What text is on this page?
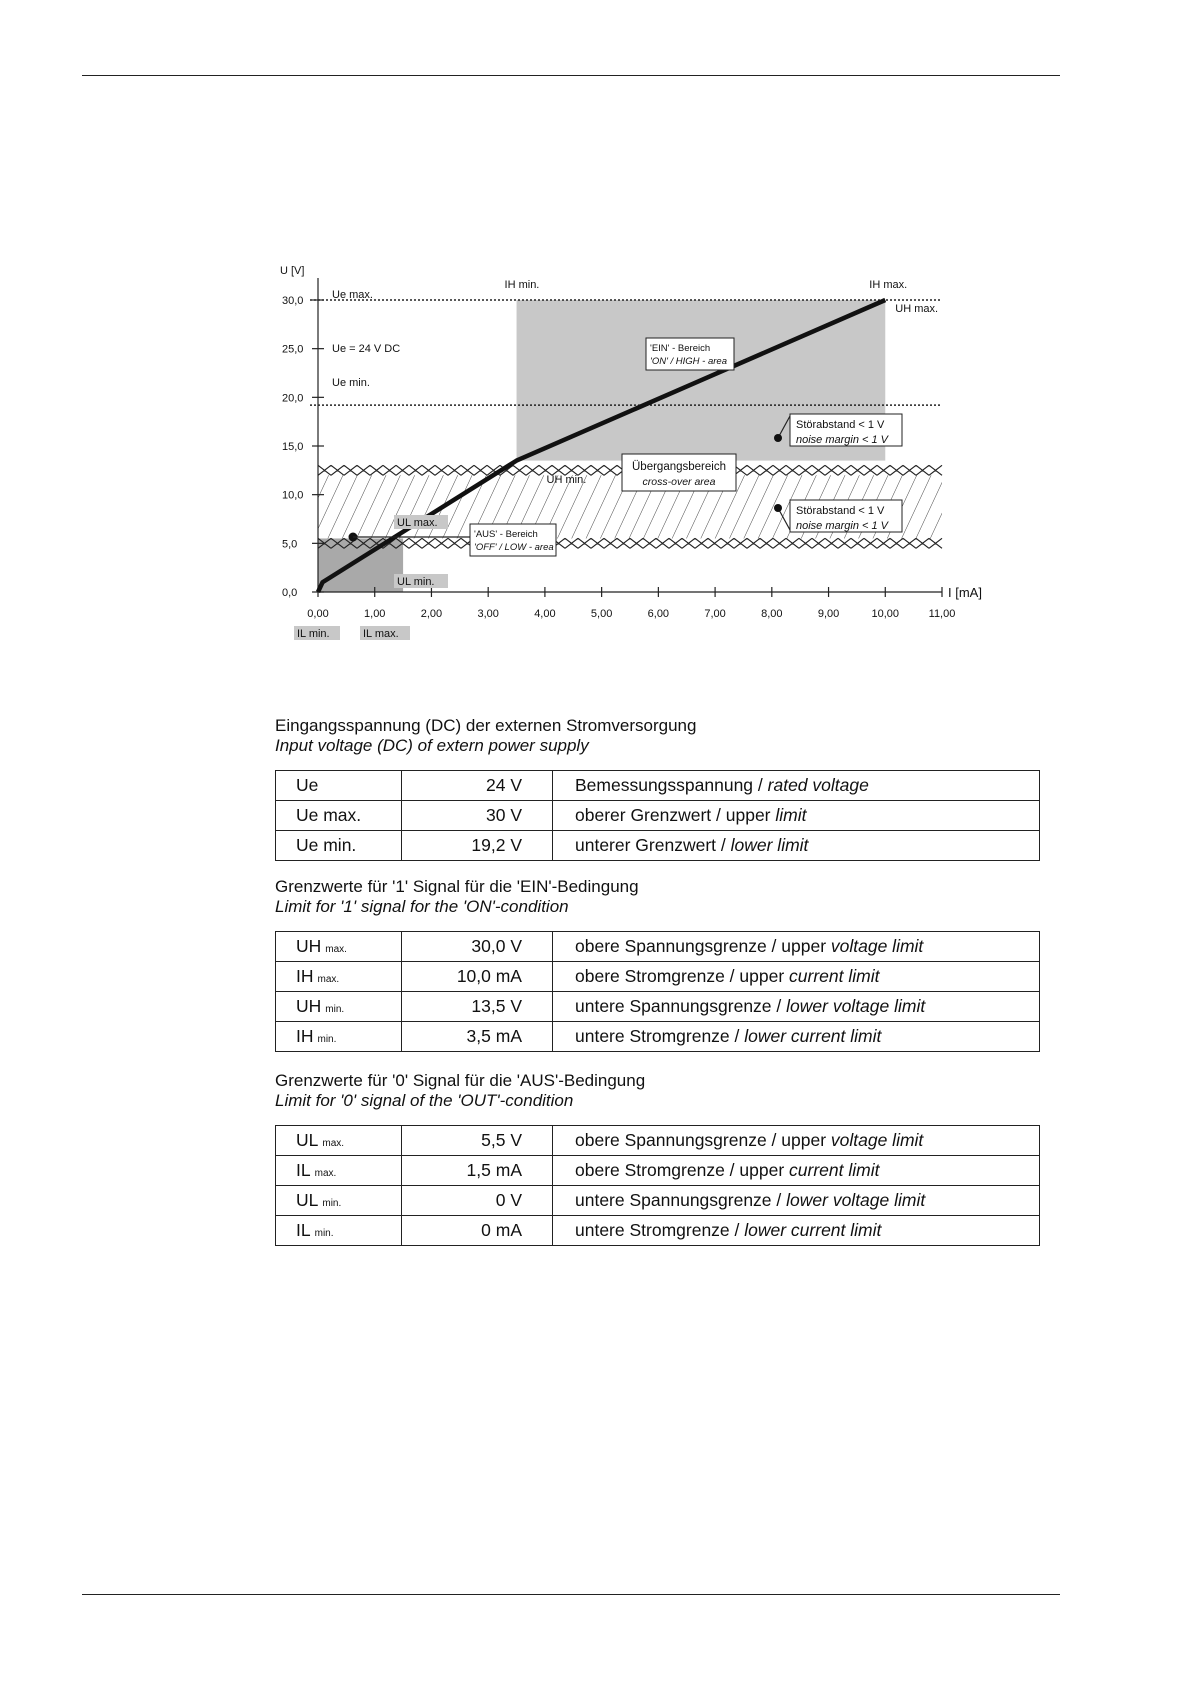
0,0
5,0
10,0
15,0
20,0
25,0
30,0
0,00	1,00	2,00	3,00	4,00	5,00	6,00	7,00	8,00	9,00	10,00	11,00
U [V]
I [mA]
Ue max.
Ue = 24 V DC
Ue min.
IH min.	IH max.
UH max.
UH min.
'EIN' - Bereich
'ON' / HIGH - area
Übergangsbereich
cross-over area
Störabstand < 1 V
noise margin < 1 V
Störabstand < 1 V
noise margin < 1 V
'AUS' - Bereich
'OFF' / LOW - area
UL max.
UL min.
IL min.	IL max.

Eingangsspannung (DC) der externen Stromversorgung

Input voltage (DC) of extern power supply

Ue	24 V	Bemessungsspannung / rated voltage
Ue max.	30 V	oberer Grenzwert / upper limit
Ue min.	19,2 V	unterer Grenzwert / lower limit

Grenzwerte für '1' Signal für die 'EIN'-Bedingung

Limit for '1' signal for the 'ON'-condition

UH max.	30,0 V	obere Spannungsgrenze / upper voltage limit
IH max.	10,0 mA	obere Stromgrenze / upper current limit
UH min.	13,5 V	untere Spannungsgrenze / lower voltage limit
IH min.	3,5 mA	untere Stromgrenze / lower current limit

Grenzwerte für '0' Signal für die 'AUS'-Bedingung

Limit for '0' signal of the 'OUT'-condition

UL max.	5,5 V	obere Spannungsgrenze / upper voltage limit
IL max.	1,5 mA	obere Stromgrenze / upper current limit
UL min.	0 V	untere Spannungsgrenze / lower voltage limit
IL min.	0 mA	untere Stromgrenze / lower current limit
